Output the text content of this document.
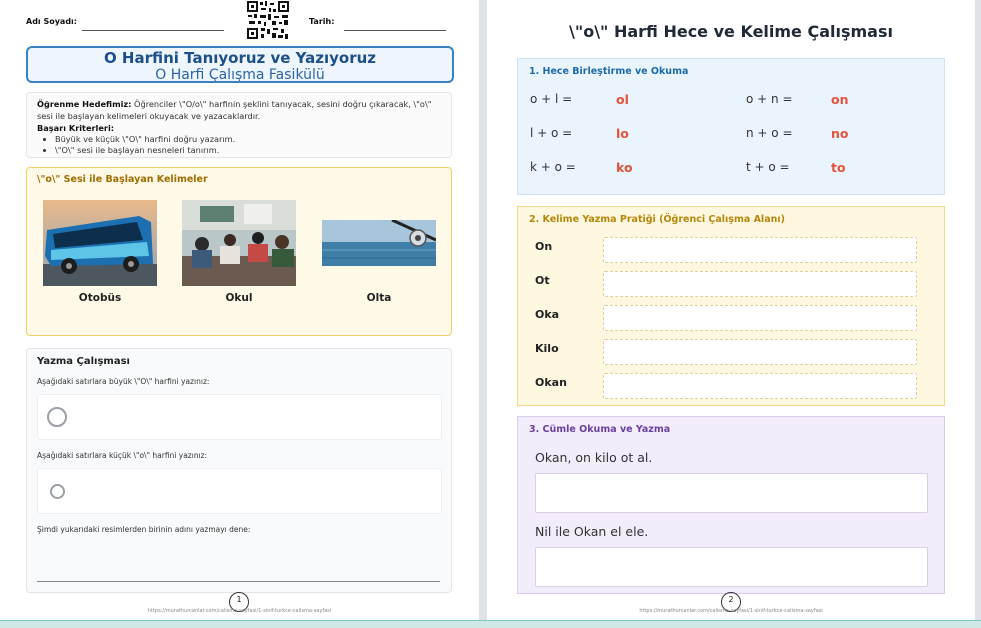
Adı Soyadı:	Tarih:
O Harfini Tanıyoruz ve Yazıyoruz
O Harfi Çalışma Fasikülü
Öğrenme Hedefimiz: Öğrenciler \"O/o\" harfinin şeklini tanıyacak, sesini doğru çıkaracak, \"o\" sesi ile başlayan kelimeleri okuyacak ve yazacaklardır.
Başarı Kriterleri:
• Büyük ve küçük \"O\" harfini doğru yazarım.
• \"O\" sesi ile başlayan nesneleri tanırım.
\"o\" Sesi ile Başlayan Kelimeler
Otobüs	Okul	Olta
Yazma Çalışması
Aşağıdaki satırlara büyük \"O\" harfini yazınız:
Aşağıdaki satırlara küçük \"o\" harfini yazınız:
Şimdi yukarıdaki resimlerden birinin adını yazmayı dene:
1
https://murathurcanlar.com/calisma-sayfasi/1-sinif-turkce-calisma-sayfasi
\"o\" Harfi Hece ve Kelime Çalışması
1. Hece Birleştirme ve Okuma
o + l =	ol	o + n =	on
l + o =	lo	n + o =	no
k + o =	ko	t + o =	to
2. Kelime Yazma Pratiği (Öğrenci Çalışma Alanı)
On
Ot
Oka
Kilo
Okan
3. Cümle Okuma ve Yazma
Okan, on kilo ot al.
Nil ile Okan el ele.
2
https://murathurcanlar.com/calisma-sayfasi/1-sinif-turkce-calisma-sayfasi
